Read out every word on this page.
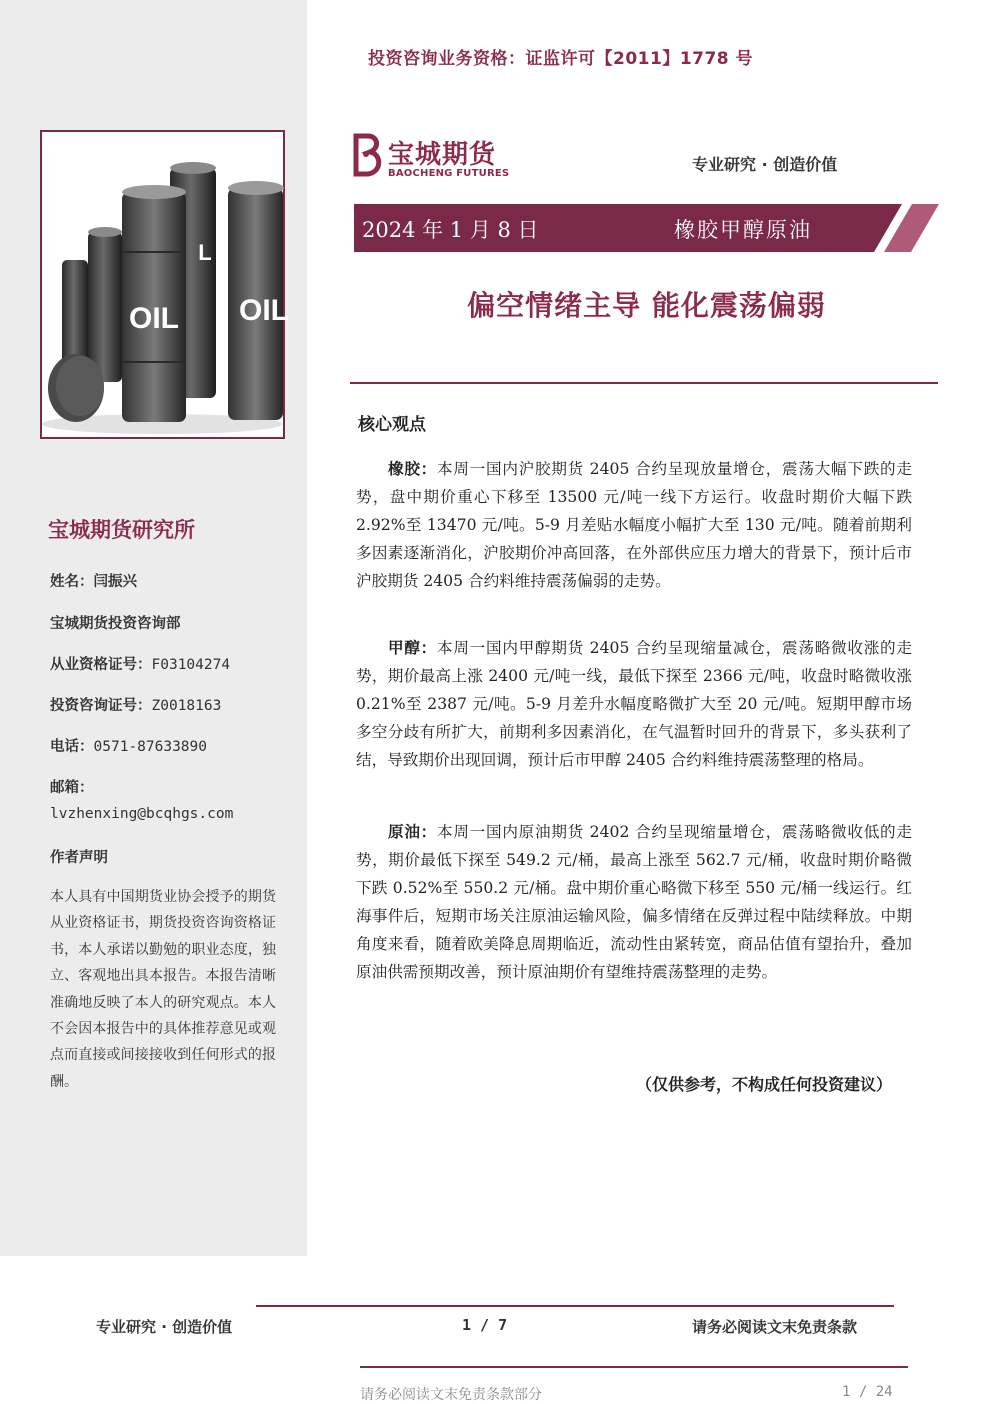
投资咨询业务资格：证监许可【2011】1778 号
OIL
L
OIL
宝城期货
BAOCHENG FUTURES	专业研究 · 创造价值
2024 年 1 月 8 日	橡胶甲醇原油
偏空情绪主导 能化震荡偏弱
核心观点
橡胶：本周一国内沪胶期货 2405 合约呈现放量增仓，震荡大幅下跌的走势，盘中期价重心下移至 13500 元/吨一线下方运行。收盘时期价大幅下跌 2.92%至 13470 元/吨。5-9 月差贴水幅度小幅扩大至 130 元/吨。随着前期利多因素逐渐消化，沪胶期价冲高回落，在外部供应压力增大的背景下，预计后市沪胶期货 2405 合约料维持震荡偏弱的走势。
甲醇：本周一国内甲醇期货 2405 合约呈现缩量减仓，震荡略微收涨的走势，期价最高上涨 2400 元/吨一线，最低下探至 2366 元/吨，收盘时略微收涨 0.21%至 2387 元/吨。5-9 月差升水幅度略微扩大至 20 元/吨。短期甲醇市场多空分歧有所扩大，前期利多因素消化，在气温暂时回升的背景下，多头获利了结，导致期价出现回调，预计后市甲醇 2405 合约料维持震荡整理的格局。
原油：本周一国内原油期货 2402 合约呈现缩量增仓，震荡略微收低的走势，期价最低下探至 549.2 元/桶，最高上涨至 562.7 元/桶，收盘时期价略微下跌 0.52%至 550.2 元/桶。盘中期价重心略微下移至 550 元/桶一线运行。红海事件后，短期市场关注原油运输风险，偏多情绪在反弹过程中陆续释放。中期角度来看，随着欧美降息周期临近，流动性由紧转宽，商品估值有望抬升，叠加原油供需预期改善，预计原油期价有望维持震荡整理的走势。
（仅供参考，不构成任何投资建议）
宝城期货研究所
姓名：闫振兴
宝城期货投资咨询部
从业资格证号：F03104274
投资咨询证号：Z0018163
电话：0571-87633890
邮箱：
lvzhenxing@bcqhgs.com
作者声明
本人具有中国期货业协会授予的期货从业资格证书，期货投资咨询资格证书，本人承诺以勤勉的职业态度，独立、客观地出具本报告。本报告清晰准确地反映了本人的研究观点。本人不会因本报告中的具体推荐意见或观点而直接或间接接收到任何形式的报酬。
专业研究 · 创造价值	1 / 7	请务必阅读文末免责条款
请务必阅读文末免责条款部分	1 / 24
